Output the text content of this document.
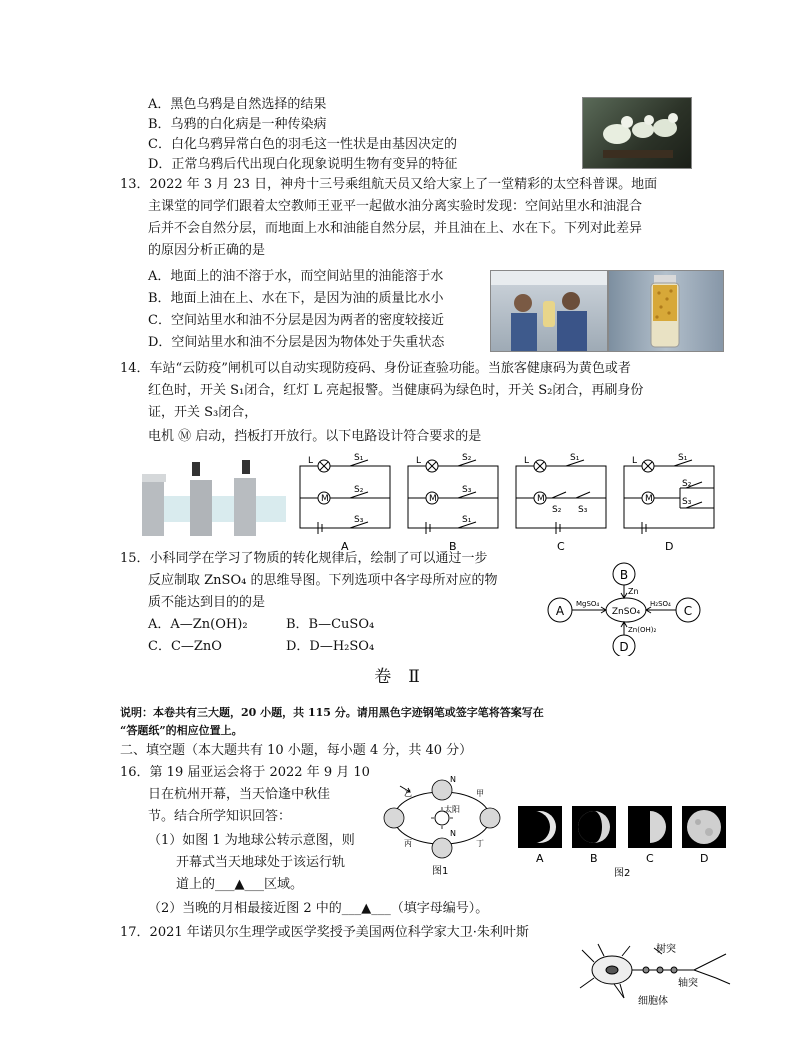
A．黑色乌鸦是自然选择的结果
B．乌鸦的白化病是一种传染病
C．白化乌鸦异常白色的羽毛这一性状是由基因决定的
D．正常乌鸦后代出现白化现象说明生物有变异的特征
13．2022 年 3 月 23 日，神舟十三号乘组航天员又给大家上了一堂精彩的太空科普课。地面
主课堂的同学们跟着太空教师王亚平一起做水油分离实验时发现：空间站里水和油混合
后并不会自然分层，而地面上水和油能自然分层，并且油在上、水在下。下列对此差异
的原因分析正确的是
A．地面上的油不溶于水，而空间站里的油能溶于水
B．地面上油在上、水在下，是因为油的质量比水小
C．空间站里水和油不分层是因为两者的密度较接近
D．空间站里水和油不分层是因为物体处于失重状态
14．车站“云防疫”闸机可以自动实现防疫码、身份证查验功能。当旅客健康码为黄色或者
红色时，开关 S₁闭合，红灯 L 亮起报警。当健康码为绿色时，开关 S₂闭合，再刷身份
证，开关 S₃闭合，
电机 Ⓜ 启动，挡板打开放行。以下电路设计符合要求的是
L
M
S₁
S₂
S₃
L
M
S₂
S₃
S₁
L
M
S₁
S₂ S₃
L
M
S₁
S₂
S₃
A	B	C	D
15．小科同学在学习了物质的转化规律后，绘制了可以通过一步
反应制取 ZnSO₄ 的思维导图。下列选项中各字母所对应的物
质不能达到目的的是
A．A—Zn(OH)₂	B．B—CuSO₄
C．C—ZnO	D．D—H₂SO₄
ZnSO₄
B
A	C
D
Zn
MgSO₄	H₂SO₄
Zn(OH)₂
卷　Ⅱ
说明：本卷共有三大题，20 小题，共 115 分。请用黑色字迹钢笔或签字笔将答案写在
“答题纸”的相应位置上。
二、填空题（本大题共有 10 小题，每小题 4 分，共 40 分）
16．第 19 届亚运会将于 2022 年 9 月 10
日在杭州开幕，当天恰逢中秋佳
节。结合所学知识回答：
（1）如图 1 为地球公转示意图，则
开幕式当天地球处于该运行轨
道上的___▲___区域。
（2）当晚的月相最接近图 2 中的___▲___（填字母编号）。
N
N
太阳
甲
乙
丙	丁
图1
A	B	C	D
图2
17．2021 年诺贝尔生理学或医学奖授予美国两位科学家大卫·朱利叶斯
树突
轴突
细胞体
